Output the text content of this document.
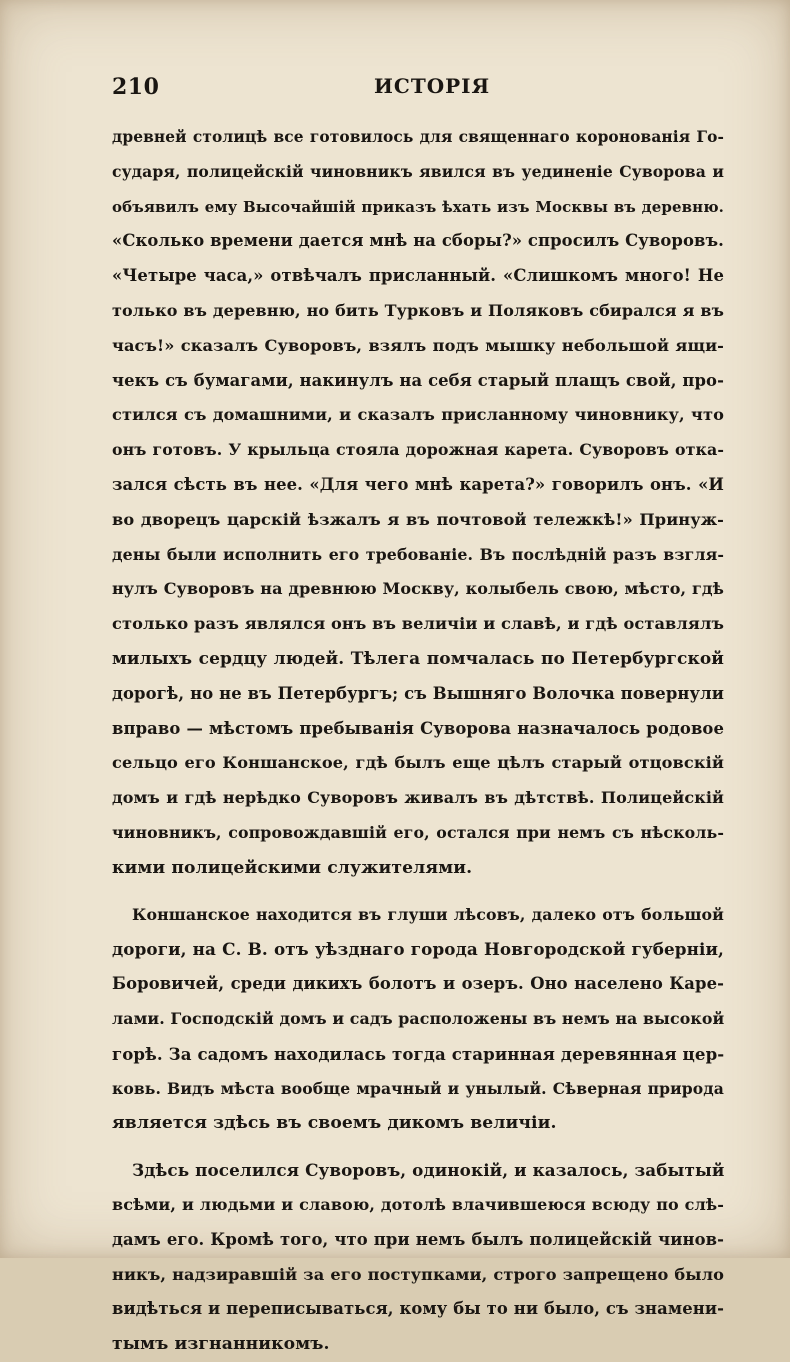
210	ИСТОРІЯ
древней столицѣ все готовилось для священнаго коронованія Го-
сударя, полицейскій чиновникъ явился въ уединеніе Суворова и
объявилъ ему Высочайшій приказъ ѣхать изъ Москвы въ деревню.
«Сколько времени дается мнѣ на сборы?» спросилъ Суворовъ.
«Четыре часа,» отвѣчалъ присланный. «Слишкомъ много! Не
только въ деревню, но бить Турковъ и Поляковъ сбирался я въ
часъ!» сказалъ Суворовъ, взялъ подъ мышку небольшой ящи-
чекъ съ бумагами, накинулъ на себя старый плащъ свой, про-
стился съ домашними, и сказалъ присланному чиновнику, что
онъ готовъ. У крыльца стояла дорожная карета. Суворовъ отка-
зался сѣсть въ нее. «Для чего мнѣ карета?» говорилъ онъ. «И
во дворецъ царскій ѣзжалъ я въ почтовой тележкѣ!» Принуж-
дены были исполнить его требованіе. Въ послѣдній разъ взгля-
нулъ Суворовъ на древнюю Москву, колыбель свою, мѣсто, гдѣ
столько разъ являлся онъ въ величіи и славѣ, и гдѣ оставлялъ
милыхъ сердцу людей. Тѣлега помчалась по Петербургской
дорогѣ, но не въ Петербургъ; съ Вышняго Волочка повернули
вправо — мѣстомъ пребыванія Суворова назначалось родовое
сельцо его Коншанское, гдѣ былъ еще цѣлъ старый отцовскій
домъ и гдѣ нерѣдко Суворовъ живалъ въ дѣтствѣ. Полицейскій
чиновникъ, сопровождавшій его, остался при немъ съ нѣсколь-
кими полицейскими служителями.
Коншанское находится въ глуши лѣсовъ, далеко отъ большой
дороги, на С. В. отъ уѣзднаго города Новгородской губерніи,
Боровичей, среди дикихъ болотъ и озеръ. Оно населено Каре-
лами. Господскій домъ и садъ расположены въ немъ на высокой
горѣ. За садомъ находилась тогда старинная деревянная цер-
ковь. Видъ мѣста вообще мрачный и унылый. Сѣверная природа
является здѣсь въ своемъ дикомъ величіи.
Здѣсь поселился Суворовъ, одинокій, и казалось, забытый
всѣми, и людьми и славою, дотолѣ влачившеюся всюду по слѣ-
дамъ его. Кромѣ того, что при немъ былъ полицейскій чинов-
никъ, надзиравшій за его поступками, строго запрещено было
видѣться и переписываться, кому бы то ни было, съ знамени-
тымъ изгнанникомъ.
